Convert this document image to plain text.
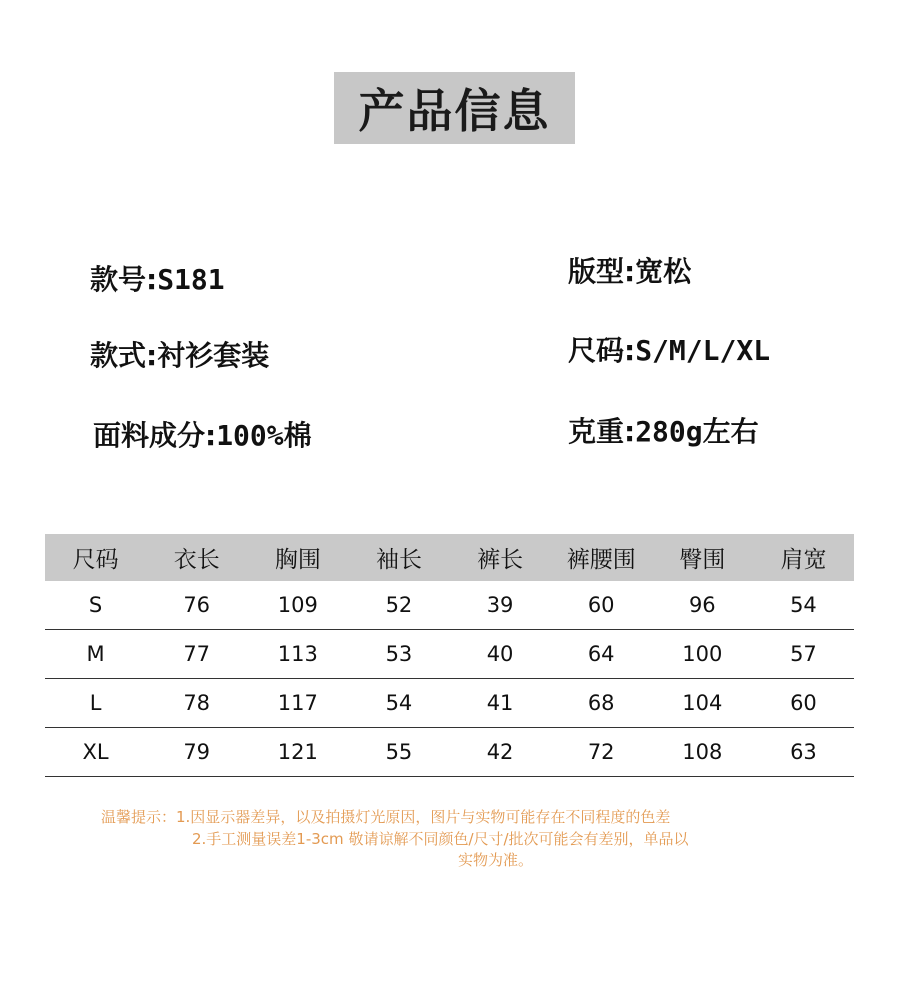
产品信息
款号:S181
款式:衬衫套装
面料成分:100%棉
版型:宽松
尺码:S/M/L/XL
克重:280g左右
尺码	衣长	胸围	袖长	裤长	裤腰围	臀围	肩宽
S	76	109	52	39	60	96	54
M	77	113	53	40	64	100	57
L	78	117	54	41	68	104	60
XL	79	121	55	42	72	108	63
温馨提示：1.因显示器差异，以及拍摄灯光原因，图片与实物可能存在不同程度的色差
2.手工测量误差1-3cm 敬请谅解不同颜色/尺寸/批次可能会有差别，单品以
实物为准。
